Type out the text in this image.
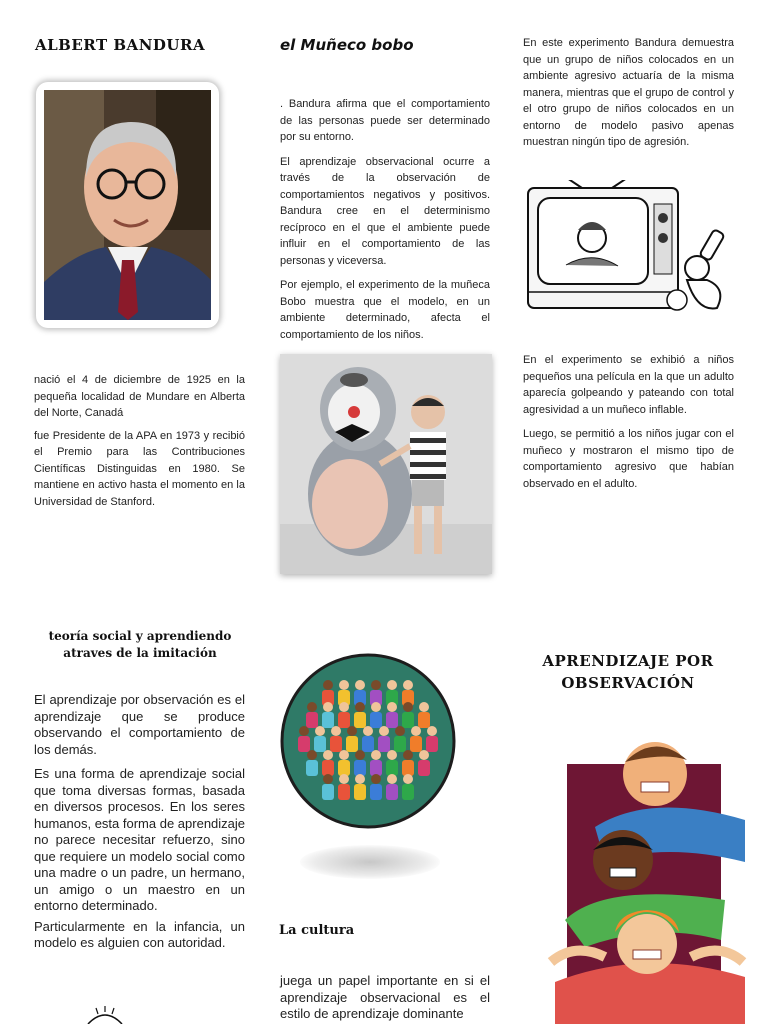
ALBERT BANDURA

nació el 4 de diciembre de 1925 en la pequeña localidad de Mundare en Alberta del Norte, Canadá

fue Presidente de la APA en 1973 y recibió el Premio para las Contribuciones Científicas Distinguidas en 1980. Se mantiene en activo hasta el momento en la Universidad de Stanford.

el Muñeco bobo

. Bandura afirma que el comportamiento de las personas puede ser determinado por su entorno.

El aprendizaje observacional ocurre a través de la observación de comportamientos negativos y positivos. Bandura cree en el determinismo recíproco en el que el ambiente puede influir en el comportamiento de las personas y viceversa.

Por ejemplo, el experimento de la muñeca Bobo muestra que el modelo, en un ambiente determinado, afecta el comportamiento de los niños.

En este experimento Bandura demuestra que un grupo de niños colocados en un ambiente agresivo actuaría de la misma manera, mientras que el grupo de control y el otro grupo de niños colocados en un entorno de modelo pasivo apenas muestran ningún tipo de agresión.

En el experimento se exhibió a niños pequeños una película en la que un adulto aparecía golpeando y pateando con total agresividad a un muñeco inflable.

Luego, se permitió a los niños jugar con el muñeco y mostraron el mismo tipo de comportamiento agresivo que habían observado en el adulto.

teoría social y aprendiendo atraves de la imitación

El aprendizaje por observación es el aprendizaje que se produce observando el comportamiento de los demás.

Es una forma de aprendizaje social que toma diversas formas, basada en diversos procesos. En los seres humanos, esta forma de aprendizaje no parece necesitar refuerzo, sino que requiere un modelo social como una madre o un padre, un hermano, un amigo o un maestro en un entorno determinado.

Particularmente en la infancia, un modelo es alguien con autoridad.

La cultura

juega un papel importante en si el aprendizaje observacional es el estilo de aprendizaje dominante

APRENDIZAJE POR OBSERVACIÓN
